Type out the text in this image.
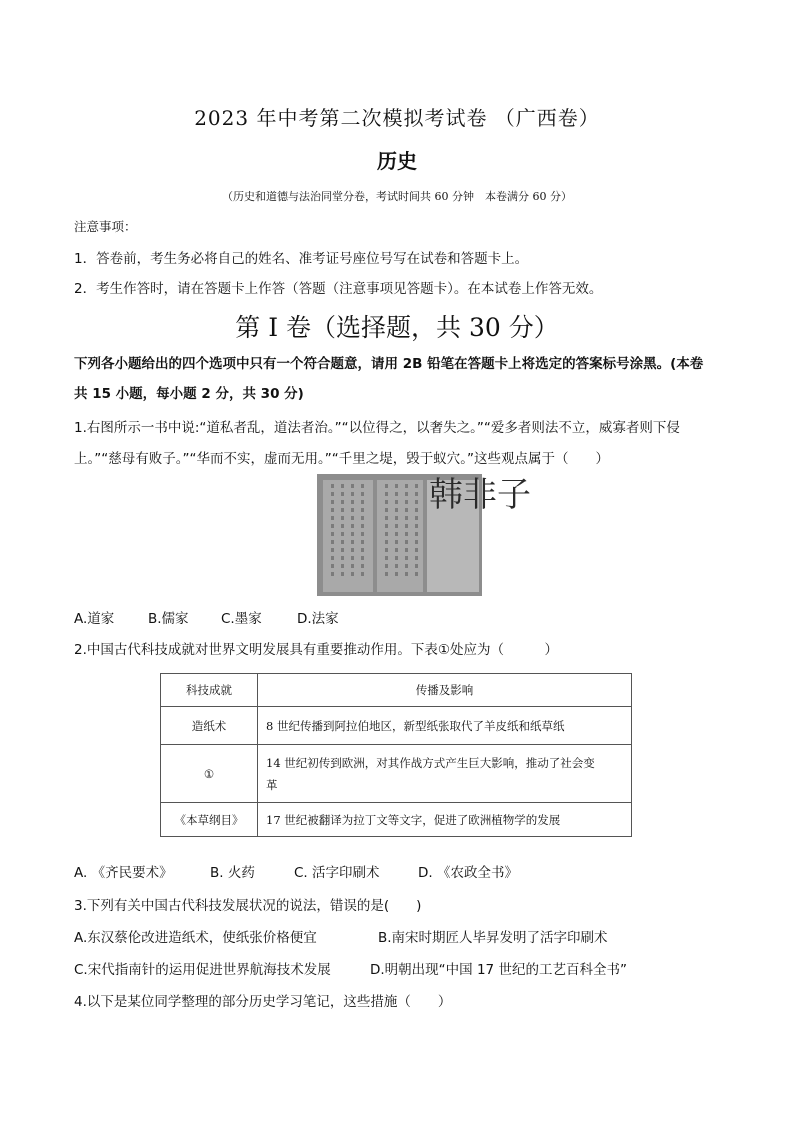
2023 年中考第二次模拟考试卷 （广西卷）
历史
（历史和道德与法治同堂分卷，考试时间共 60 分钟　本卷满分 60 分）
注意事项：
1．答卷前，考生务必将自己的姓名、准考证号座位号写在试卷和答题卡上。
2．考生作答时，请在答题卡上作答（答题（注意事项见答题卡）。在本试卷上作答无效。
第 I 卷（选择题，共 30 分）
下列各小题给出的四个选项中只有一个符合题意，请用 2B 铅笔在答题卡上将选定的答案标号涂黑。(本卷
共 15 小题，每小题 2 分，共 30 分)
1.右图所示一书中说:“道私者乱，道法者治。”“以位得之，以奢失之。”“爱多者则法不立，威寡者则下侵
上。”“慈母有败子。”“华而不实，虚而无用。”“千里之堤，毁于蚁穴。”这些观点属于（　　）
韩非子
A.道家 B.儒家 C.墨家	D.法家
2.中国古代科技成就对世界文明发展具有重要推动作用。下表①处应为（　　　）
科技成就	传播及影响
造纸术	8 世纪传播到阿拉伯地区，新型纸张取代了羊皮纸和纸草纸
①	14 世纪初传到欧洲，对其作战方式产生巨大影响，推动了社会变
革
《本草纲目》	17 世纪被翻译为拉丁文等文字，促进了欧洲植物学的发展
A. 《齐民要术》	B. 火药	C. 活字印刷术	D. 《农政全书》
3.下列有关中国古代科技发展状况的说法，错误的是(　　)
A.东汉蔡伦改进造纸术，使纸张价格便宜	B.南宋时期匠人毕昇发明了活字印刷术
C.宋代指南针的运用促进世界航海技术发展	D.明朝出现“中国 17 世纪的工艺百科全书”
4.以下是某位同学整理的部分历史学习笔记，这些措施（　　）
